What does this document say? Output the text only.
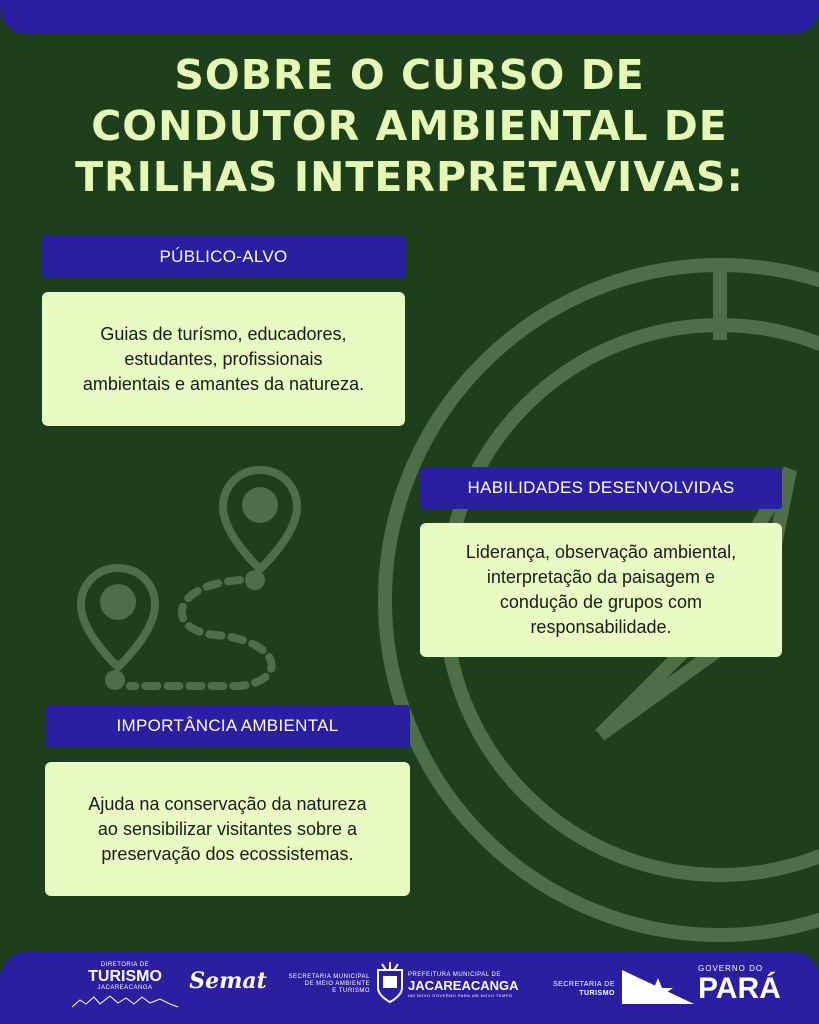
SOBRE O CURSO DE
CONDUTOR AMBIENTAL DE
TRILHAS INTERPRETAVIVAS:
PÚBLICO-ALVO
Guias de turísmo, educadores,
estudantes, profissionais
ambientais e amantes da natureza.
HABILIDADES DESENVOLVIDAS
Liderança, observação ambiental,
interpretação da paisagem e
condução de grupos com
responsabilidade.
IMPORTÂNCIA AMBIENTAL
Ajuda na conservação da natureza
ao sensibilizar visitantes sobre a
preservação dos ecossistemas.
DIRETORIA DE
TURISMO
JACAREACANGA	Semat	SECRETARIA MUNICIPAL
DE MEIO AMBIENTE
E TURISMO
PREFEITURA MUNICIPAL DE
JACAREACANGA
UM NOVO GOVERNO PARA UM NOVO TEMPO
SECRETARIA DE
TURISMO
GOVERNO DO
PARÁ
